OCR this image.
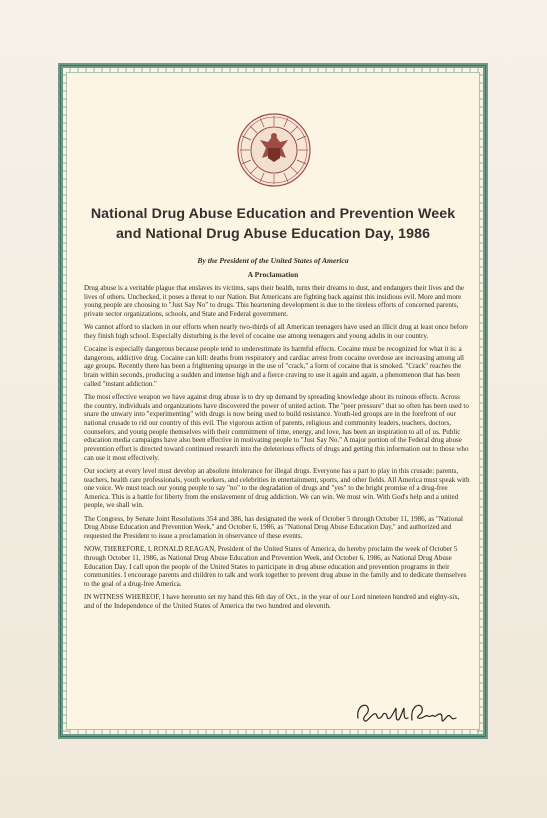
National Drug Abuse Education and Prevention Week
and National Drug Abuse Education Day, 1986
By the President of the United States of America
A Proclamation

Drug abuse is a veritable plague that enslaves its victims, saps their health, turns their dreams to dust, and endangers their lives and the lives of others. Unchecked, it poses a threat to our Nation. But Americans are fighting back against this insidious evil. More and more young people are choosing to "Just Say No" to drugs. This heartening development is due to the tireless efforts of concerned parents, private sector organizations, schools, and State and Federal government.

We cannot afford to slacken in our efforts when nearly two-thirds of all American teenagers have used an illicit drug at least once before they finish high school. Especially disturbing is the level of cocaine use among teenagers and young adults in our country.

Cocaine is especially dangerous because people tend to underestimate its harmful effects. Cocaine must be recognized for what it is: a dangerous, addictive drug. Cocaine can kill: deaths from respiratory and cardiac arrest from cocaine overdose are increasing among all age groups. Recently there has been a frightening upsurge in the use of "crack," a form of cocaine that is smoked. "Crack" reaches the brain within seconds, producing a sudden and intense high and a fierce craving to use it again and again, a phenomenon that has been called "instant addiction."

The most effective weapon we have against drug abuse is to dry up demand by spreading knowledge about its ruinous effects. Across the country, individuals and organizations have discovered the power of united action. The "peer pressure" that so often has been used to snare the unwary into "experimenting" with drugs is now being used to build resistance. Youth-led groups are in the forefront of our national crusade to rid our country of this evil. The vigorous action of parents, religious and community leaders, teachers, doctors, counselors, and young people themselves with their commitment of time, energy, and love, has been an inspiration to all of us. Public education media campaigns have also been effective in motivating people to "Just Say No." A major portion of the Federal drug abuse prevention effort is directed toward continued research into the deleterious effects of drugs and getting this information out to those who can use it most effectively.

Our society at every level must develop an absolute intolerance for illegal drugs. Everyone has a part to play in this crusade: parents, teachers, health care professionals, youth workers, and celebrities in entertainment, sports, and other fields. All America must speak with one voice. We must teach our young people to say "no" to the degradation of drugs and "yes" to the bright promise of a drug-free America. This is a battle for liberty from the enslavement of drug addiction. We can win. We must win. With God's help and a united people, we shall win.

The Congress, by Senate Joint Resolutions 354 and 386, has designated the week of October 5 through October 11, 1986, as "National Drug Abuse Education and Prevention Week," and October 6, 1986, as "National Drug Abuse Education Day," and authorized and requested the President to issue a proclamation in observance of these events.

NOW, THEREFORE, I, RONALD REAGAN, President of the United States of America, do hereby proclaim the week of October 5 through October 11, 1986, as National Drug Abuse Education and Prevention Week, and October 6, 1986, as National Drug Abuse Education Day. I call upon the people of the United States to participate in drug abuse education and prevention programs in their communities. I encourage parents and children to talk and work together to prevent drug abuse in the family and to dedicate themselves to the goal of a drug-free America.

IN WITNESS WHEREOF, I have hereunto set my hand this 6th day of Oct., in the year of our Lord nineteen hundred and eighty-six, and of the Independence of the United States of America the two hundred and eleventh.
